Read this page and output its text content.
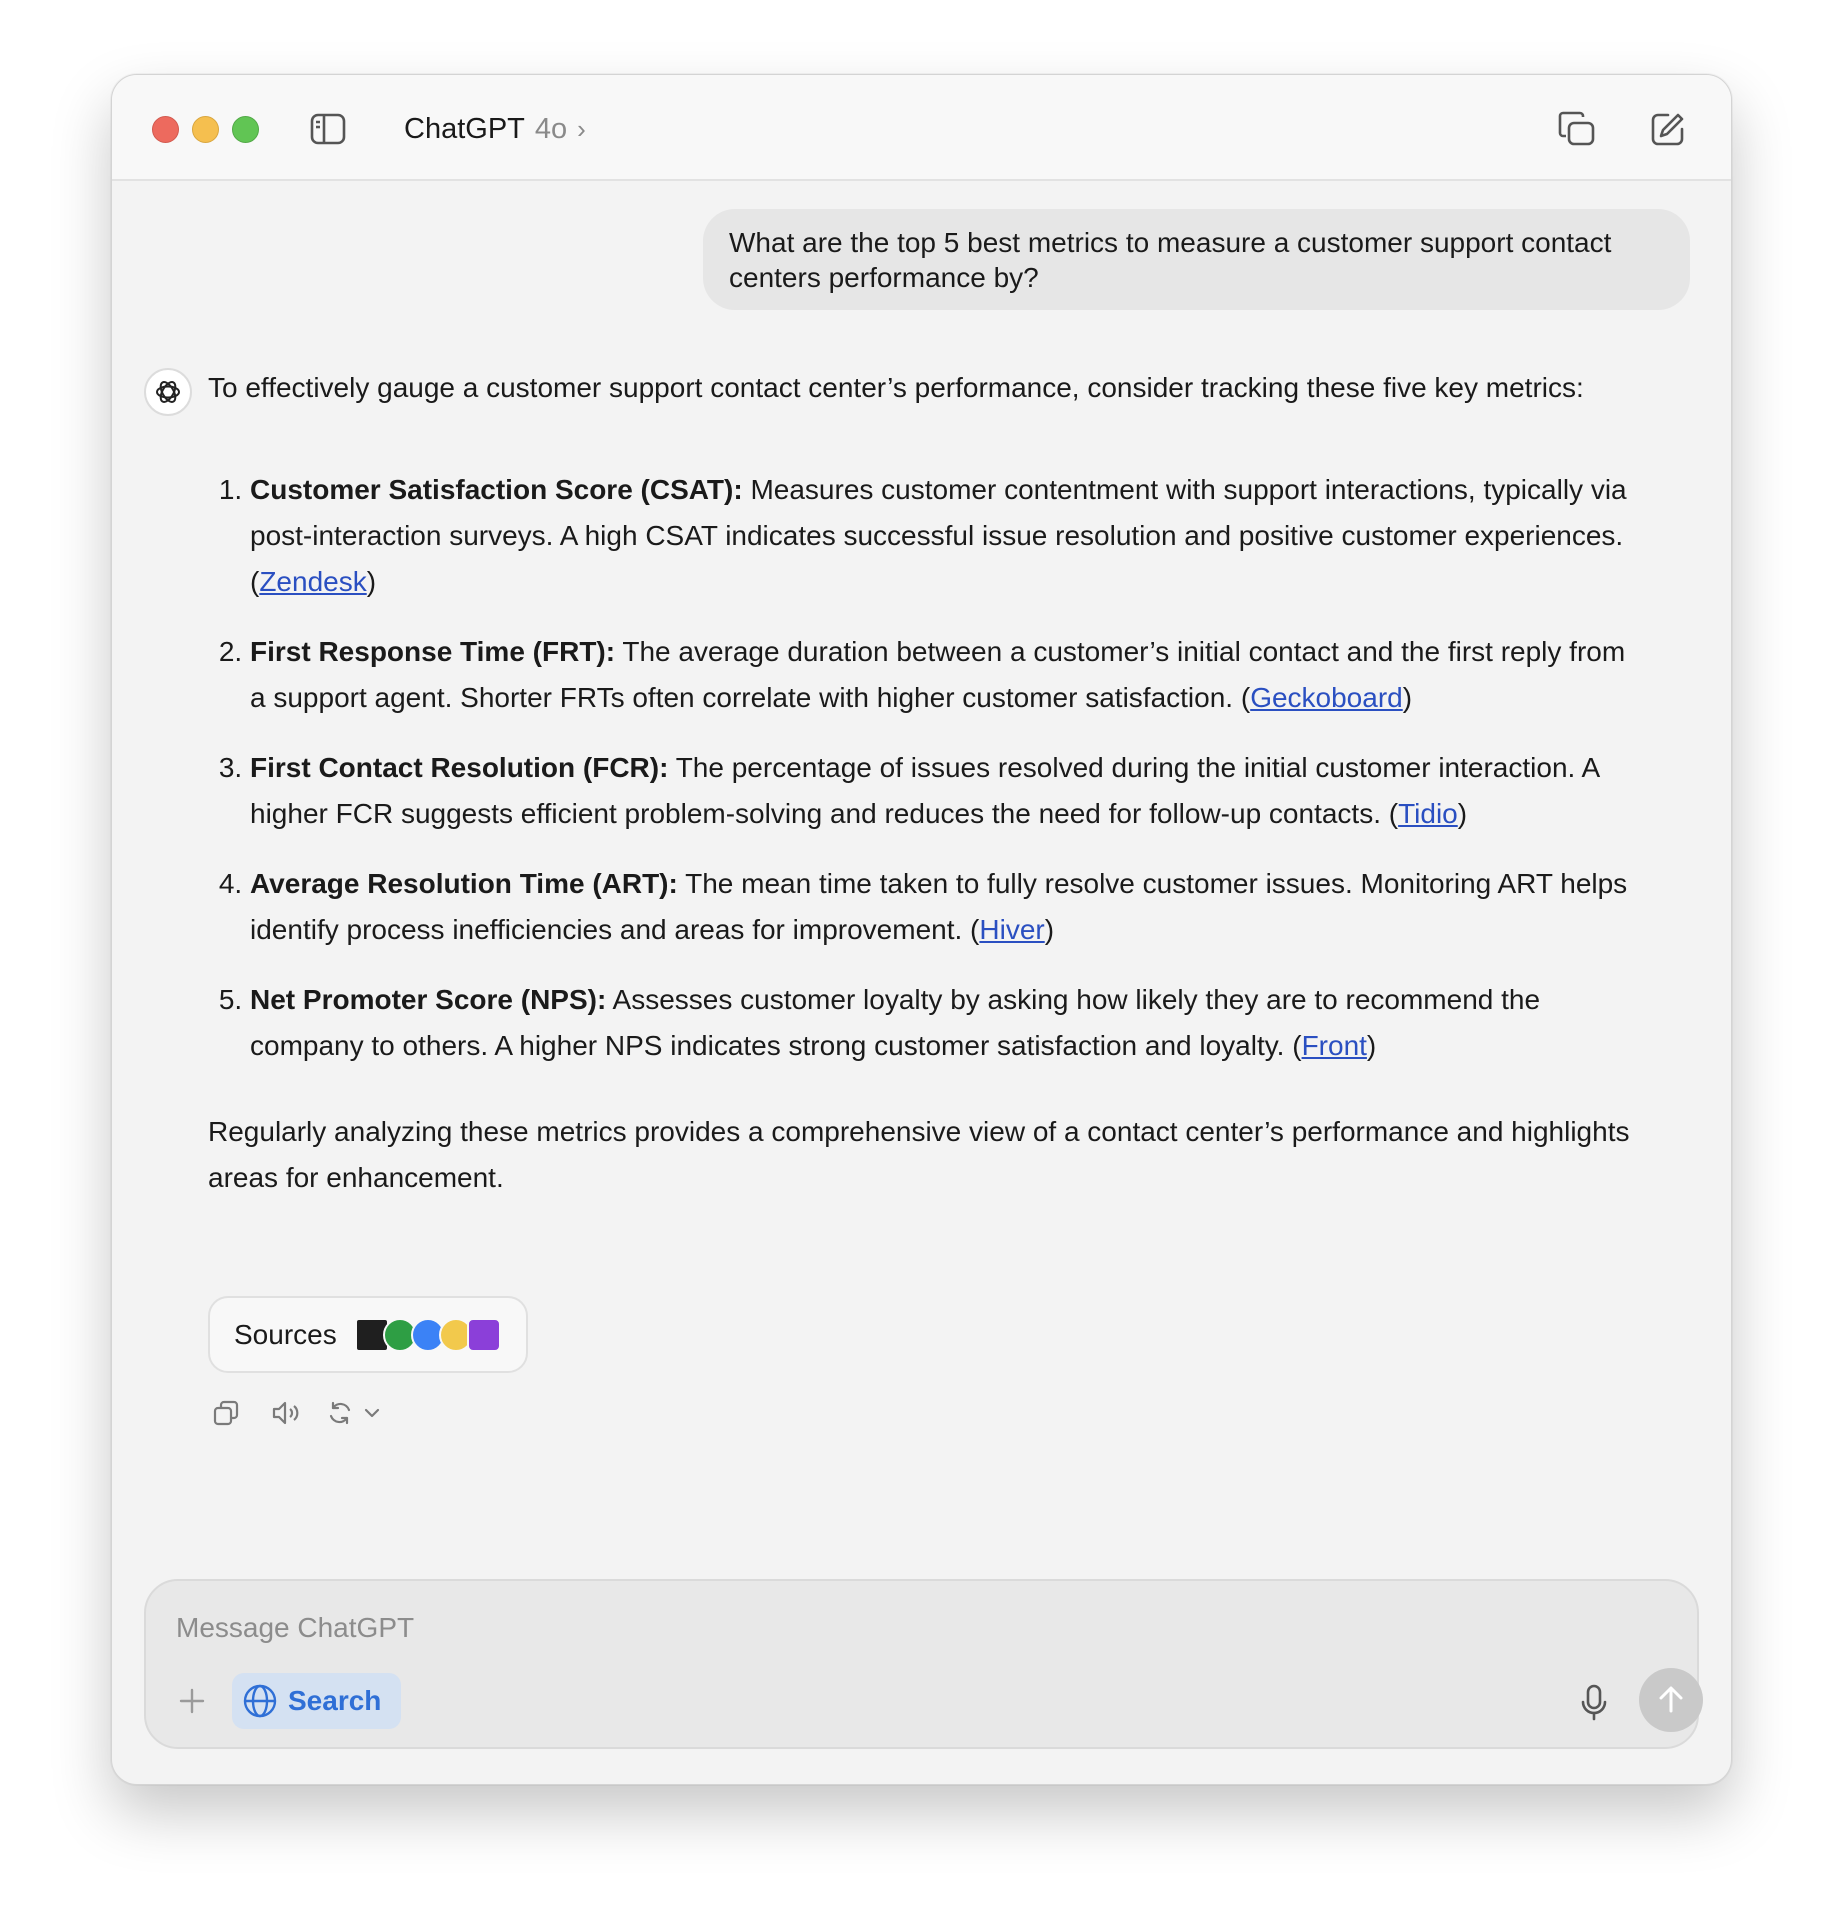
ChatGPT 4o ›
What are the top 5 best metrics to measure a customer support contact centers performance by?

To effectively gauge a customer support contact center’s performance, consider tracking these five key metrics:

1. Customer Satisfaction Score (CSAT): Measures customer contentment with support interactions, typically via post-interaction surveys. A high CSAT indicates successful issue resolution and positive customer experiences. (Zendesk)
2. First Response Time (FRT): The average duration between a customer’s initial contact and the first reply from a support agent. Shorter FRTs often correlate with higher customer satisfaction. (Geckoboard)
3. First Contact Resolution (FCR): The percentage of issues resolved during the initial customer interaction. A higher FCR suggests efficient problem-solving and reduces the need for follow-up contacts. (Tidio)
4. Average Resolution Time (ART): The mean time taken to fully resolve customer issues. Monitoring ART helps identify process inefficiencies and areas for improvement. (Hiver)
5. Net Promoter Score (NPS): Assesses customer loyalty by asking how likely they are to recommend the company to others. A higher NPS indicates strong customer satisfaction and loyalty. (Front)

Regularly analyzing these metrics provides a comprehensive view of a contact center’s performance and highlights areas for enhancement.

Sources
Message ChatGPT
Search
